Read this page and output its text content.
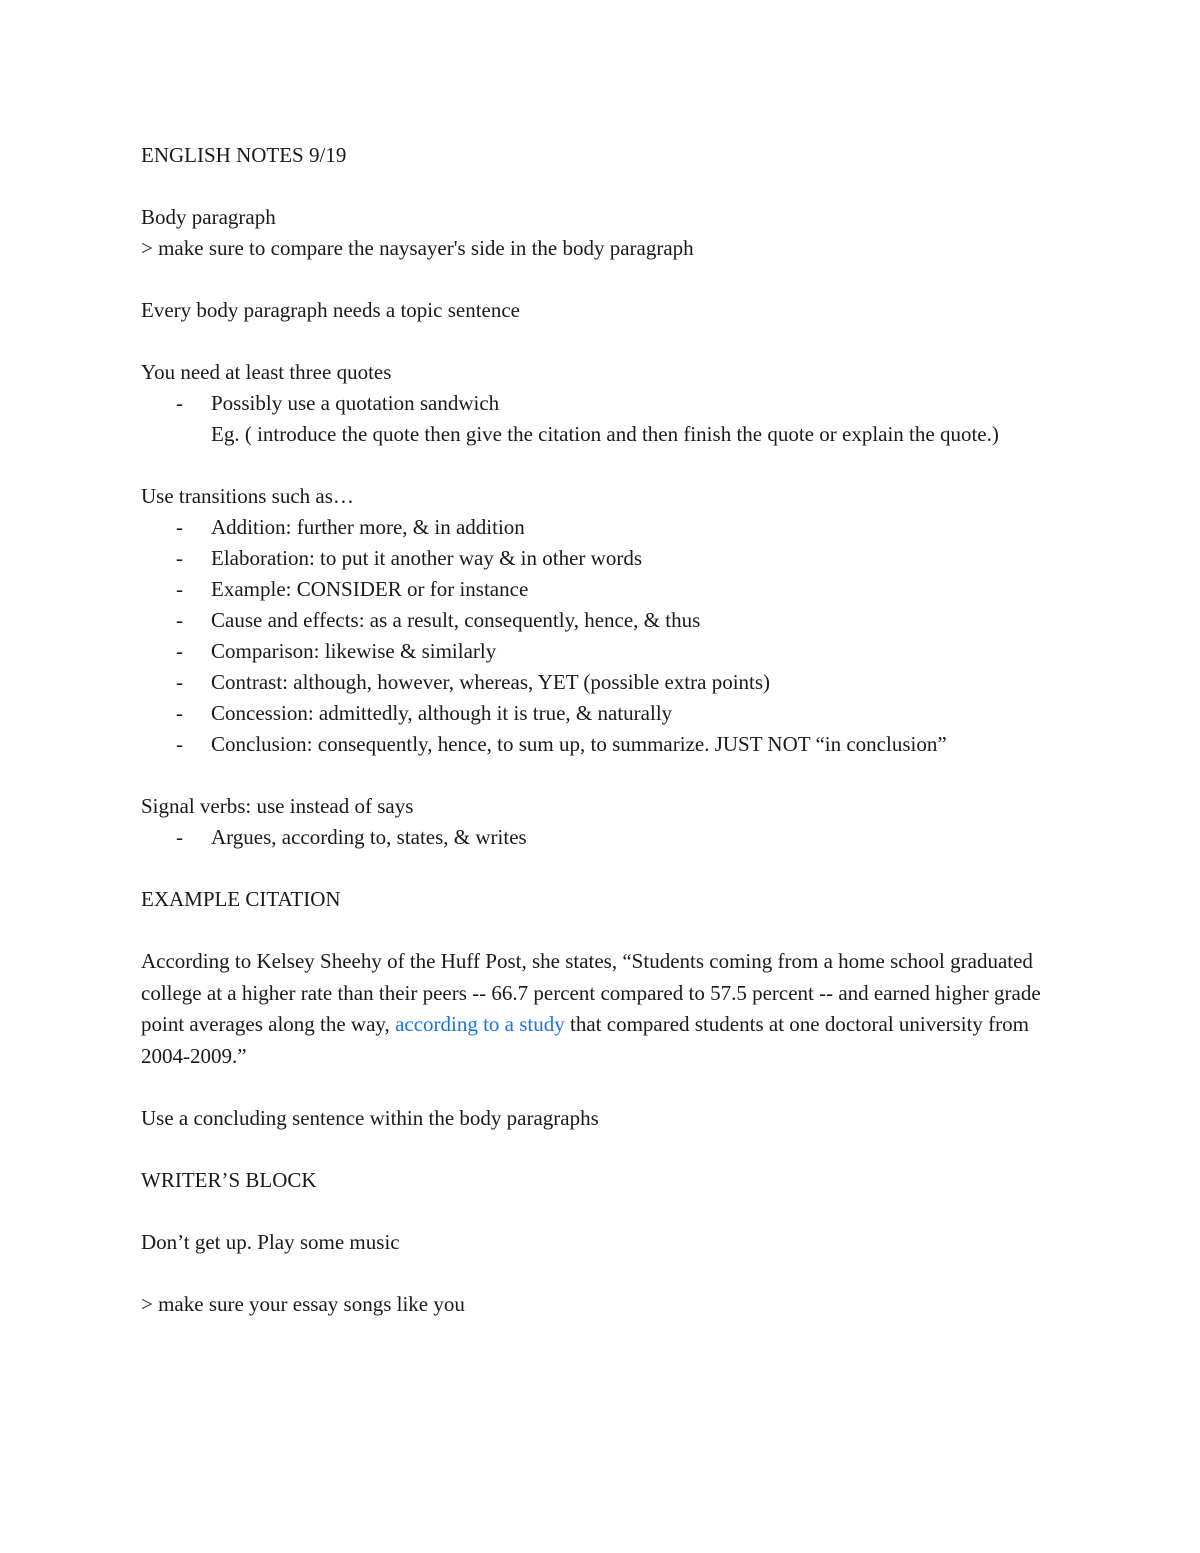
ENGLISH NOTES 9/19

Body paragraph

> make sure to compare the naysayer's side in the body paragraph

Every body paragraph needs a topic sentence

You need at least three quotes

- Possibly use a quotation sandwich
Eg. ( introduce the quote then give the citation and then finish the quote or explain the quote.)

Use transitions such as…

- Addition: further more, & in addition
- Elaboration: to put it another way & in other words
- Example: CONSIDER or for instance
- Cause and effects: as a result, consequently, hence, & thus
- Comparison: likewise & similarly
- Contrast: although, however, whereas, YET (possible extra points)
- Concession: admittedly, although it is true, & naturally
- Conclusion: consequently, hence, to sum up, to summarize. JUST NOT “in conclusion”

Signal verbs: use instead of says

- Argues, according to, states, & writes

EXAMPLE CITATION

According to Kelsey Sheehy of the Huff Post, she states, “Students coming from a home school graduated college at a higher rate than their peers -- 66.7 percent compared to 57.5 percent -- and earned higher grade point averages along the way, according to a study that compared students at one doctoral university from 2004-2009.”

Use a concluding sentence within the body paragraphs

WRITER’S BLOCK

Don’t get up. Play some music

> make sure your essay songs like you
